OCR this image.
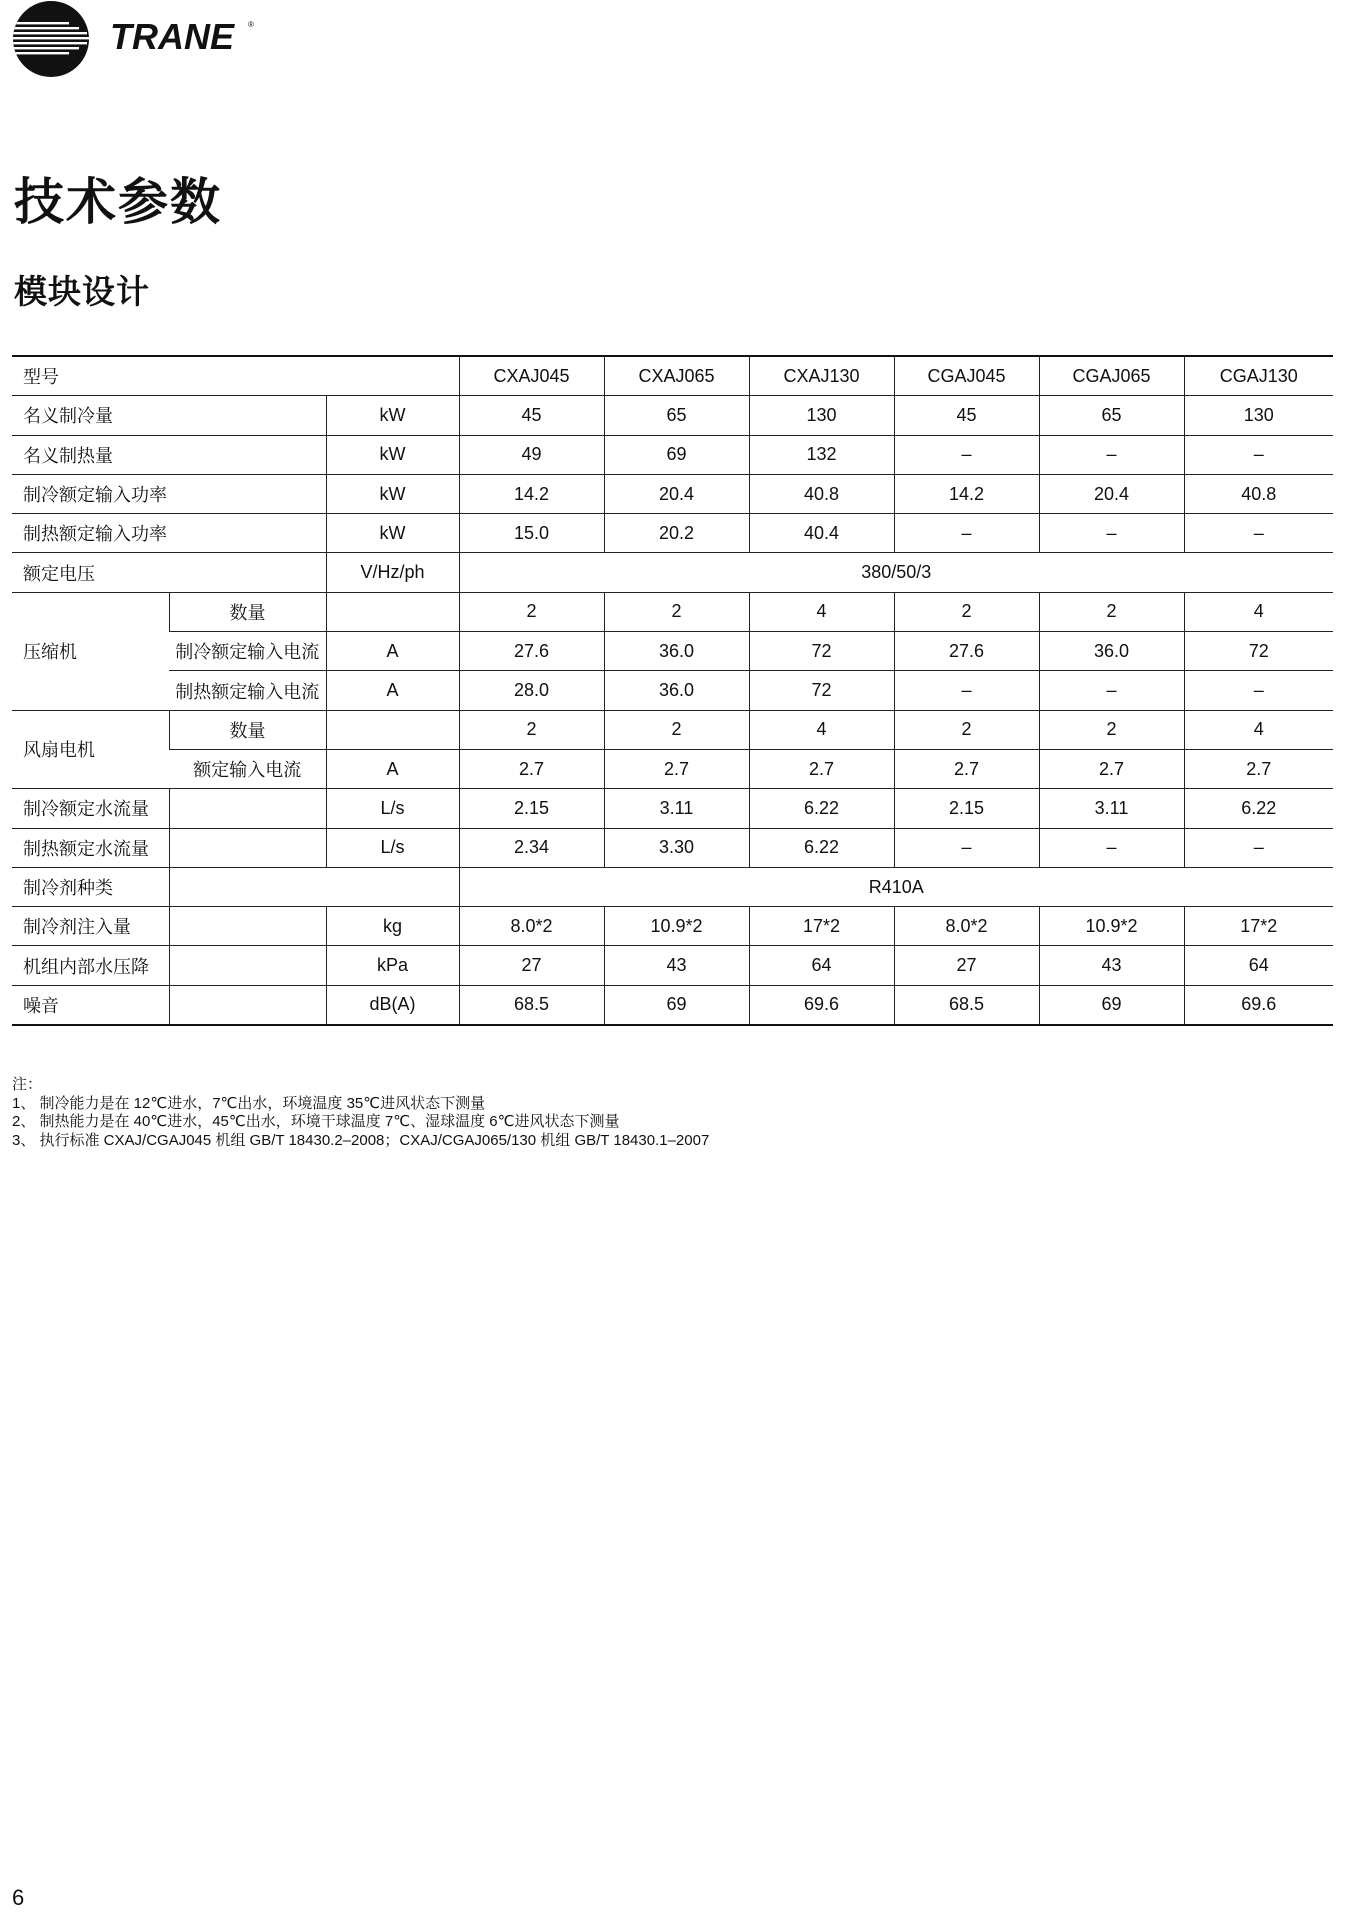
TRANE ®
技术参数
模块设计
型号			CXAJ045	CXAJ065	CXAJ130	CGAJ045	CGAJ065	CGAJ130
名义制冷量		kW	45	65	130	45	65	130
名义制热量		kW	49	69	132	–	–	–
制冷额定输入功率		kW	14.2	20.4	40.8	14.2	20.4	40.8
制热额定输入功率		kW	15.0	20.2	40.4	–	–	–
额定电压		V/Hz/ph	380/50/3					
压缩机	数量		2	2	4	2	2	4
	制冷额定输入电流	A	27.6	36.0	72	27.6	36.0	72
	制热额定输入电流	A	28.0	36.0	72	–	–	–
风扇电机	数量		2	2	4	2	2	4
	额定输入电流	A	2.7	2.7	2.7	2.7	2.7	2.7
制冷额定水流量		L/s	2.15	3.11	6.22	2.15	3.11	6.22
制热额定水流量		L/s	2.34	3.30	6.22	–	–	–
制冷剂种类			R410A					
制冷剂注入量		kg	8.0*2	10.9*2	17*2	8.0*2	10.9*2	17*2
机组内部水压降		kPa	27	43	64	27	43	64
噪音		dB(A)	68.5	69	69.6	68.5	69	69.6
注：
1、 制冷能力是在 12℃进水，7℃出水，环境温度 35℃进风状态下测量
2、 制热能力是在 40℃进水，45℃出水，环境干球温度 7℃、湿球温度 6℃进风状态下测量
3、 执行标准 CXAJ/CGAJ045 机组 GB/T 18430.2–2008；CXAJ/CGAJ065/130 机组 GB/T 18430.1–2007
6
